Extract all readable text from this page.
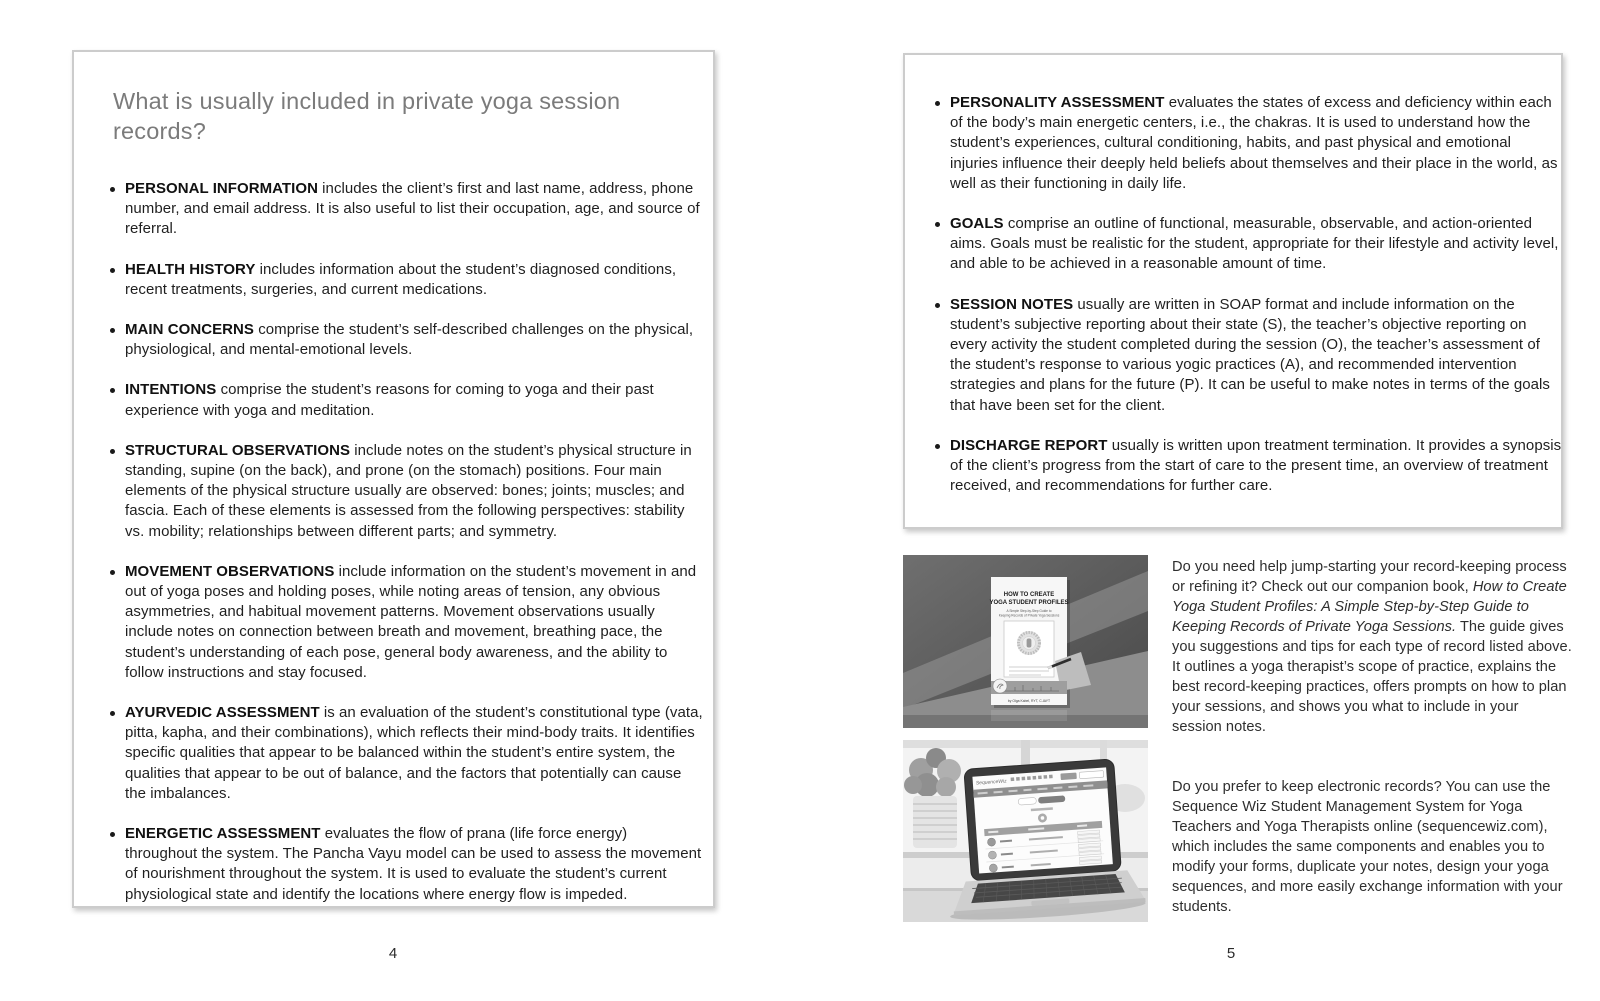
What is usually included in private yoga session records?
PERSONAL INFORMATION includes the client’s first and last name, address, phone number, and email address. It is also useful to list their occupation, age, and source of referral.
HEALTH HISTORY includes information about the student’s diagnosed conditions, recent treatments, surgeries, and current medications.
MAIN CONCERNS comprise the student’s self-described challenges on the physical, physiological, and mental-emotional levels.
INTENTIONS comprise the student’s reasons for coming to yoga and their past experience with yoga and meditation.
STRUCTURAL OBSERVATIONS include notes on the student’s physical structure in standing, supine (on the back), and prone (on the stomach) positions. Four main elements of the physical structure usually are observed: bones; joints; muscles; and fascia. Each of these elements is assessed from the following perspectives: stability vs. mobility; relationships between different parts; and symmetry.
MOVEMENT OBSERVATIONS include information on the student’s movement in and out of yoga poses and holding poses, while noting areas of tension, any obvious asymmetries, and habitual movement patterns. Movement observations usually include notes on connection between breath and movement, breathing pace, the student’s understanding of each pose, general body awareness, and the ability to follow instructions and stay focused.
AYURVEDIC ASSESSMENT is an evaluation of the student’s constitutional type (vata, pitta, kapha, and their combinations), which reflects their mind-body traits. It identifies specific qualities that appear to be balanced within the student’s entire system, the qualities that appear to be out of balance, and the factors that potentially can cause the imbalances.
ENERGETIC ASSESSMENT evaluates the flow of prana (life force energy) throughout the system. The Pancha Vayu model can be used to assess the movement of nourishment throughout the system. It is used to evaluate the student’s current physiological state and identify the locations where energy flow is impeded.
4
PERSONALITY ASSESSMENT evaluates the states of excess and deficiency within each of the body’s main energetic centers, i.e., the chakras. It is used to understand how the student’s experiences, cultural conditioning, habits, and past physical and emotional injuries influence their deeply held beliefs about themselves and their place in the world, as well as their functioning in daily life.
GOALS comprise an outline of functional, measurable, observable, and action-oriented aims. Goals must be realistic for the student, appropriate for their lifestyle and activity level, and able to be achieved in a reasonable amount of time.
SESSION NOTES usually are written in SOAP format and include information on the student’s subjective reporting about their state (S), the teacher’s objective reporting on every activity the student completed during the session (O), the teacher’s assessment of the student’s response to various yogic practices (A), and recommended intervention strategies and plans for the future (P). It can be useful to make notes in terms of the goals that have been set for the client.
DISCHARGE REPORT usually is written upon treatment termination. It provides a synopsis of the client’s progress from the start of care to the present time, an overview of treatment received, and recommendations for further care.
HOW TO CREATE
YOGA STUDENT PROFILES
A Simple Step-by-Step Guide to
Keeping Records of Private Yoga Sessions
by Olga Kabel, RYT, C-IAYT

Do you need help jump-starting your record-keeping process or refining it? Check out our companion book, How to Create Yoga Student Profiles: A Simple Step-by-Step Guide to Keeping Records of Private Yoga Sessions. The guide gives you suggestions and tips for each type of record listed above. It outlines a yoga therapist’s scope of practice, explains the best record-keeping practices, offers prompts on how to plan your sessions, and shows you what to include in your session notes.

SequenceWiz	Do you prefer to keep electronic records? You can use the Sequence Wiz Student Management System for Yoga Teachers and Yoga Therapists online (sequencewiz.com), which includes the same components and enables you to modify your forms, duplicate your notes, design your yoga sequences, and more easily exchange information with your students.

5
